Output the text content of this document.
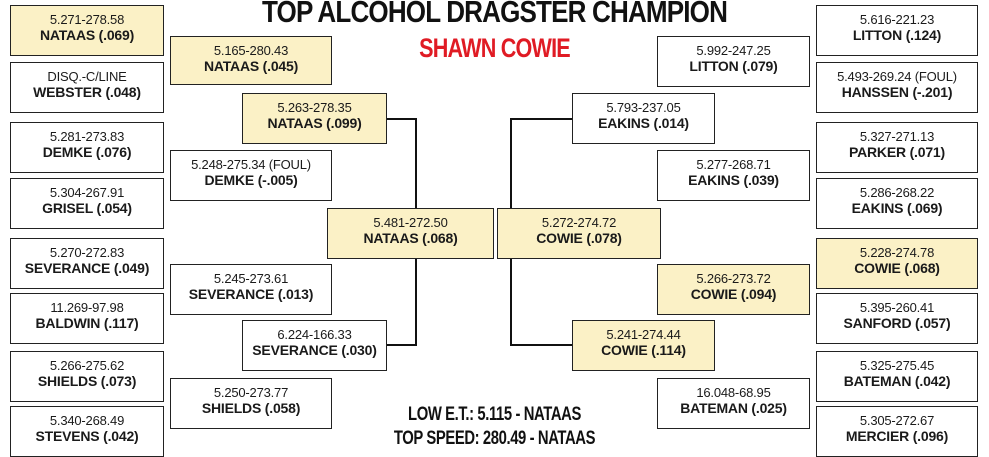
TOP ALCOHOL DRAGSTER CHAMPION
SHAWN COWIE
5.271-278.58
NATAAS (.069)
DISQ.-C/LINE
WEBSTER (.048)
5.281-273.83
DEMKE (.076)
5.304-267.91
GRISEL (.054)
5.270-272.83
SEVERANCE (.049)
11.269-97.98
BALDWIN (.117)
5.266-275.62
SHIELDS (.073)
5.340-268.49
STEVENS (.042)
5.165-280.43
NATAAS (.045)
5.248-275.34 (FOUL)
DEMKE (-.005)
5.245-273.61
SEVERANCE (.013)
5.250-273.77
SHIELDS (.058)
5.263-278.35
NATAAS (.099)
6.224-166.33
SEVERANCE (.030)
5.481-272.50
NATAAS (.068)
5.272-274.72
COWIE (.078)
5.793-237.05
EAKINS (.014)
5.241-274.44
COWIE (.114)
5.992-247.25
LITTON (.079)
5.277-268.71
EAKINS (.039)
5.266-273.72
COWIE (.094)
16.048-68.95
BATEMAN (.025)
5.616-221.23
LITTON (.124)
5.493-269.24 (FOUL)
HANSSEN (-.201)
5.327-271.13
PARKER (.071)
5.286-268.22
EAKINS (.069)
5.228-274.78
COWIE (.068)
5.395-260.41
SANFORD (.057)
5.325-275.45
BATEMAN (.042)
5.305-272.67
MERCIER (.096)
LOW E.T.: 5.115 - NATAAS
TOP SPEED: 280.49 - NATAAS
